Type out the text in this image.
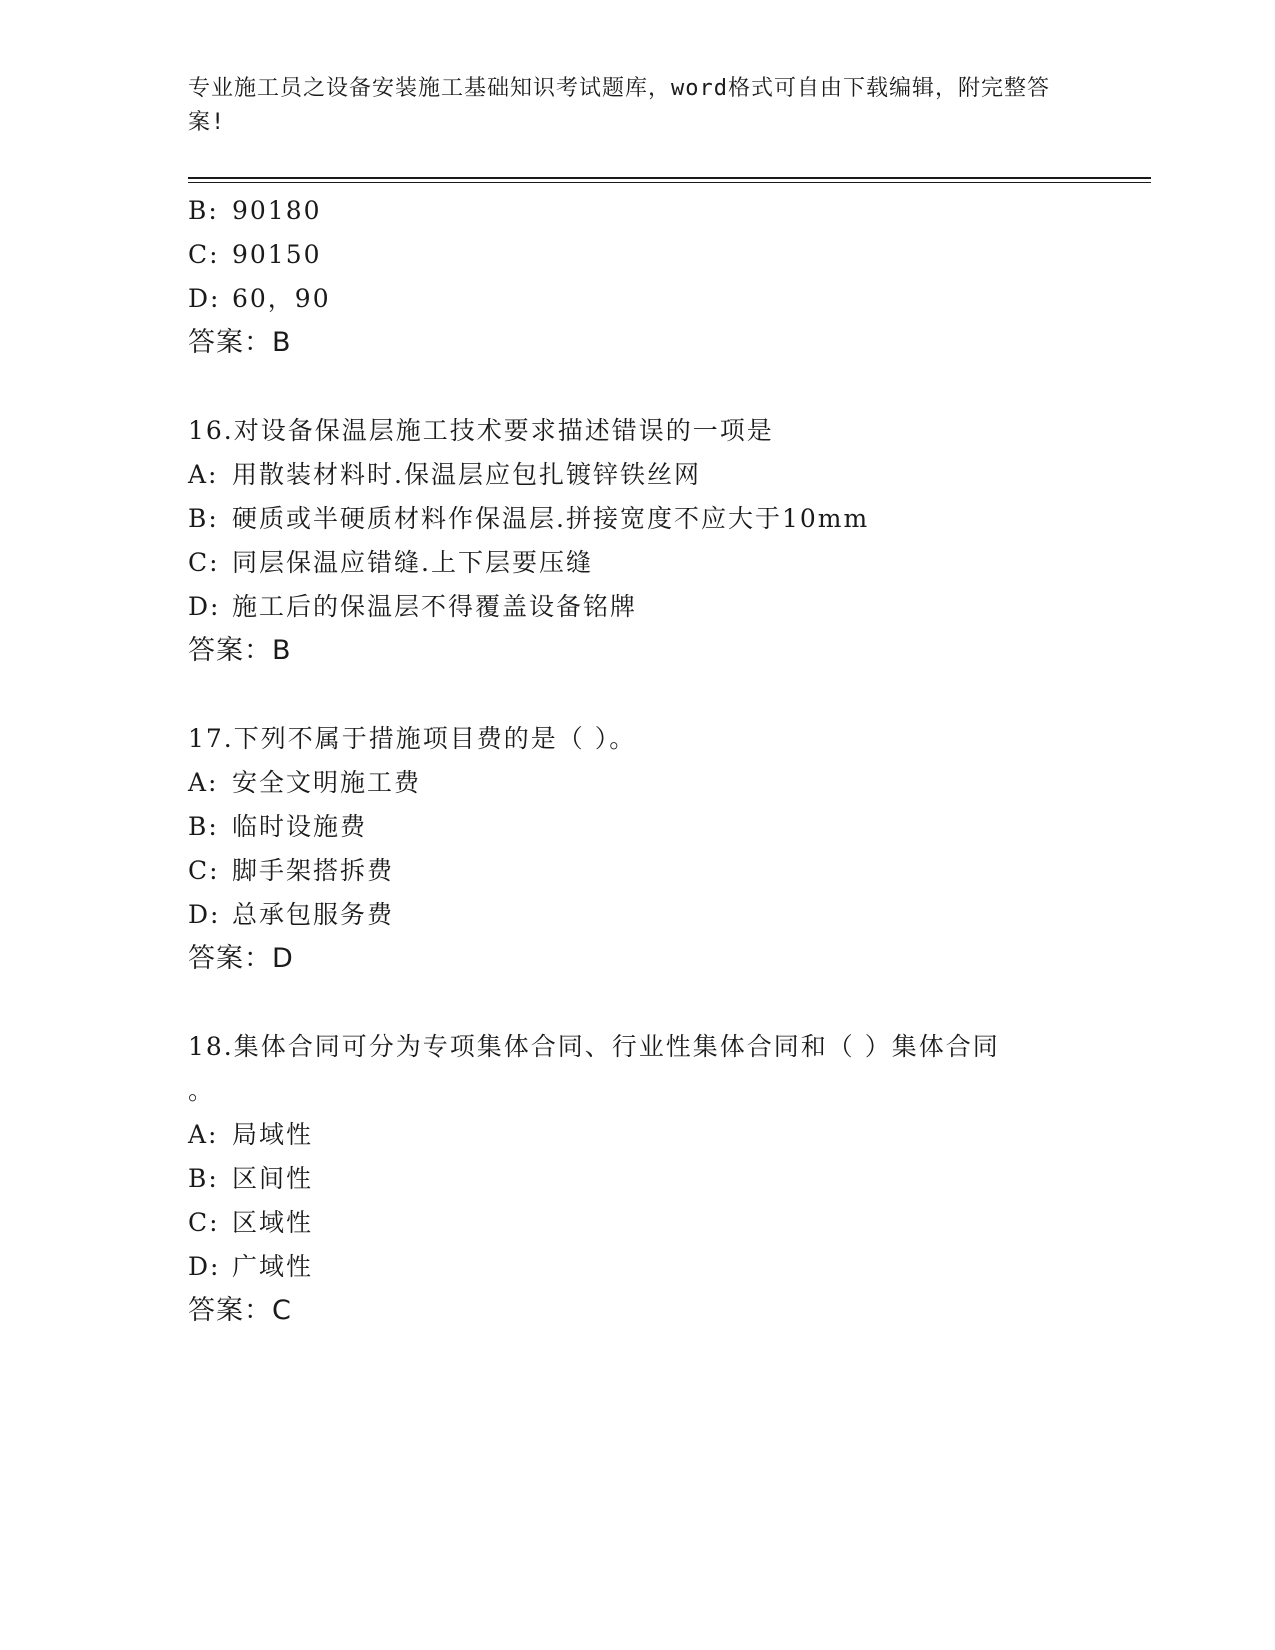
专业施工员之设备安装施工基础知识考试题库，word格式可自由下载编辑，附完整答案!
B: 90180
C: 90150
D: 60，90
答案：B
16.对设备保温层施工技术要求描述错误的一项是
A: 用散装材料时.保温层应包扎镀锌铁丝网
B: 硬质或半硬质材料作保温层.拼接宽度不应大于10mm
C: 同层保温应错缝.上下层要压缝
D: 施工后的保温层不得覆盖设备铭牌
答案：B
17.下列不属于措施项目费的是（ ）。
A: 安全文明施工费
B: 临时设施费
C: 脚手架搭拆费
D: 总承包服务费
答案：D
18.集体合同可分为专项集体合同、行业性集体合同和（ ）集体合同
。
A: 局域性
B: 区间性
C: 区域性
D: 广域性
答案：C
